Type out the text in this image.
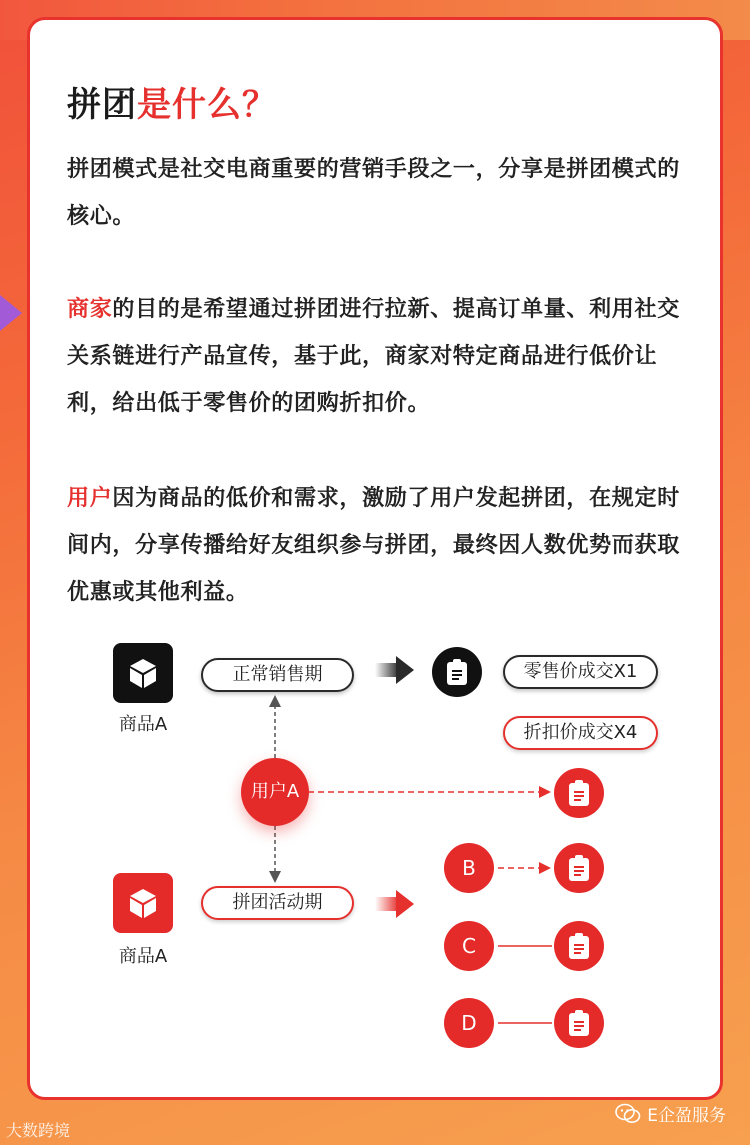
拼团是什么？
拼团模式是社交电商重要的营销手段之一，分享是拼团模式的核心。
商家的目的是希望通过拼团进行拉新、提高订单量、利用社交关系链进行产品宣传，基于此，商家对特定商品进行低价让利，给出低于零售价的团购折扣价。
用户因为商品的低价和需求，激励了用户发起拼团，在规定时间内，分享传播给好友组织参与拼团，最终因人数优势而获取优惠或其他利益。
商品A
正常销售期	零售价成交X1
折扣价成交X4
用户A
商品A
拼团活动期
B
C
D
大数跨境
E企盈服务
